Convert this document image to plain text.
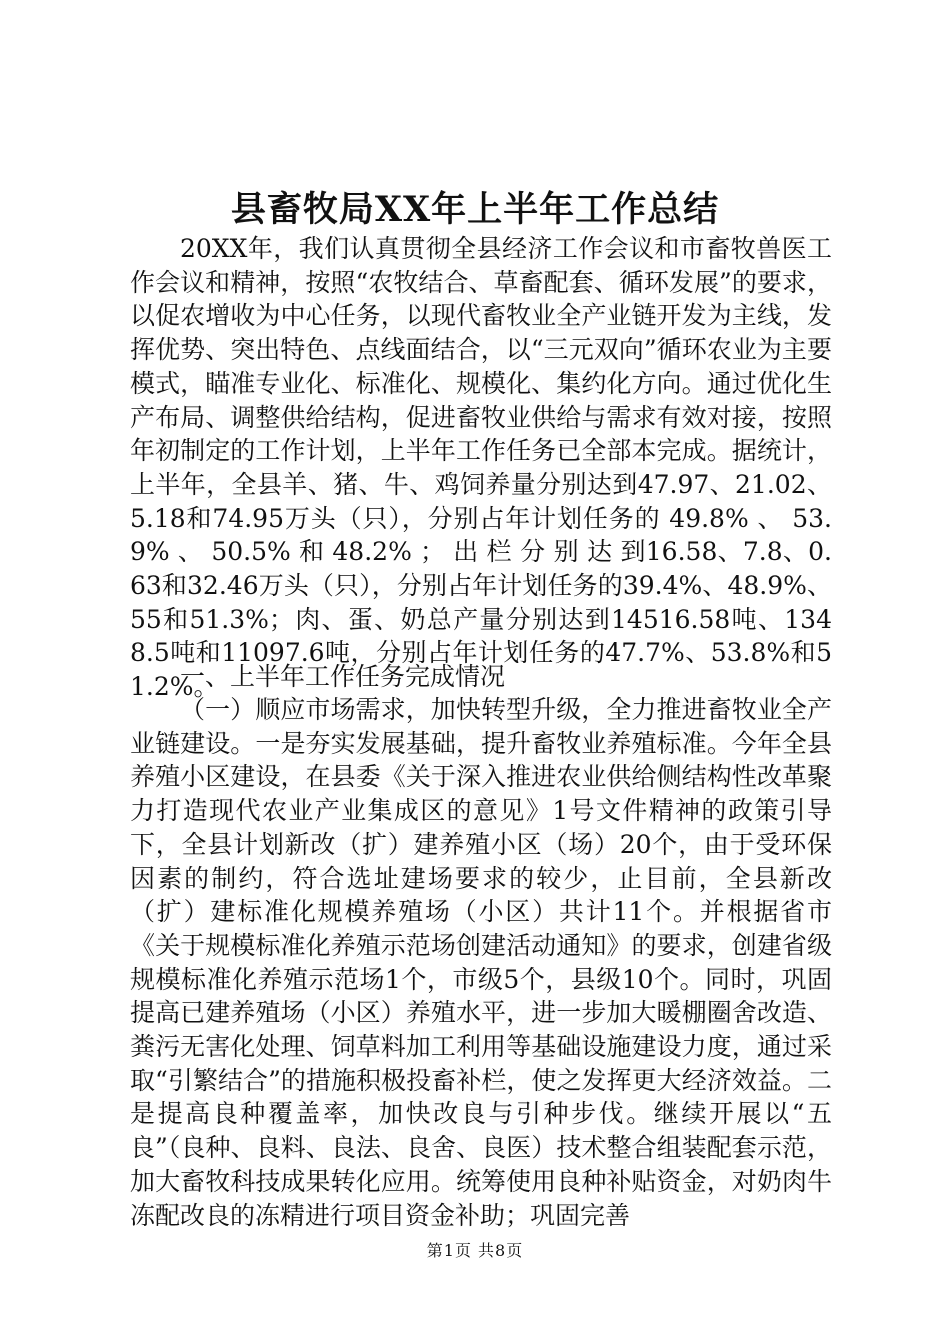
县畜牧局XX年上半年工作总结

20XX年，我们认真贯彻全县经济工作会议和市畜牧兽医工作会议和精神，按照“农牧结合、草畜配套、循环发展”的要求，以促农增收为中心任务，以现代畜牧业全产业链开发为主线，发挥优势、突出特色、点线面结合，以“三元双向”循环农业为主要模式，瞄准专业化、标准化、规模化、集约化方向。通过优化生产布局、调整供给结构，促进畜牧业供给与需求有效对接，按照年初制定的工作计划，上半年工作任务已全部本完成。据统计，上半年，全县羊、猪、牛、鸡饲养量分别达到47.97、21.02、5.18和74.95万头（只），分别占年计划任务的 49.8% 、 53.9% 、 50.5% 和 48.2% ； 出 栏 分 别 达 到16.58、7.8、0.63和32.46万头（只），分别占年计划任务的39.4%、48.9%、55和51.3%；肉、蛋、奶总产量分别达到14516.58吨、1348.5吨和11097.6吨，分别占年计划任务的47.7%、53.8%和51.2%。

一、上半年工作任务完成情况

（一）顺应市场需求，加快转型升级，全力推进畜牧业全产业链建设。一是夯实发展基础，提升畜牧业养殖标准。今年全县养殖小区建设，在县委《关于深入推进农业供给侧结构性改革聚力打造现代农业产业集成区的意见》1号文件精神的政策引导下，全县计划新改（扩）建养殖小区（场）20个，由于受环保因素的制约，符合选址建场要求的较少，止目前，全县新改（扩）建标准化规模养殖场（小区）共计11个。并根据省市《关于规模标准化养殖示范场创建活动通知》的要求，创建省级规模标准化养殖示范场1个，市级5个，县级10个。同时，巩固提高已建养殖场（小区）养殖水平，进一步加大暖棚圈舍改造、粪污无害化处理、饲草料加工利用等基础设施建设力度，通过采取“引繁结合”的措施积极投畜补栏，使之发挥更大经济效益。二是提高良种覆盖率，加快改良与引种步伐。继续开展以“五良”（良种、良料、良法、良舍、良医）技术整合组装配套示范，加大畜牧科技成果转化应用。统筹使用良种补贴资金，对奶肉牛冻配改良的冻精进行项目资金补助；巩固完善

第1页 共8页
